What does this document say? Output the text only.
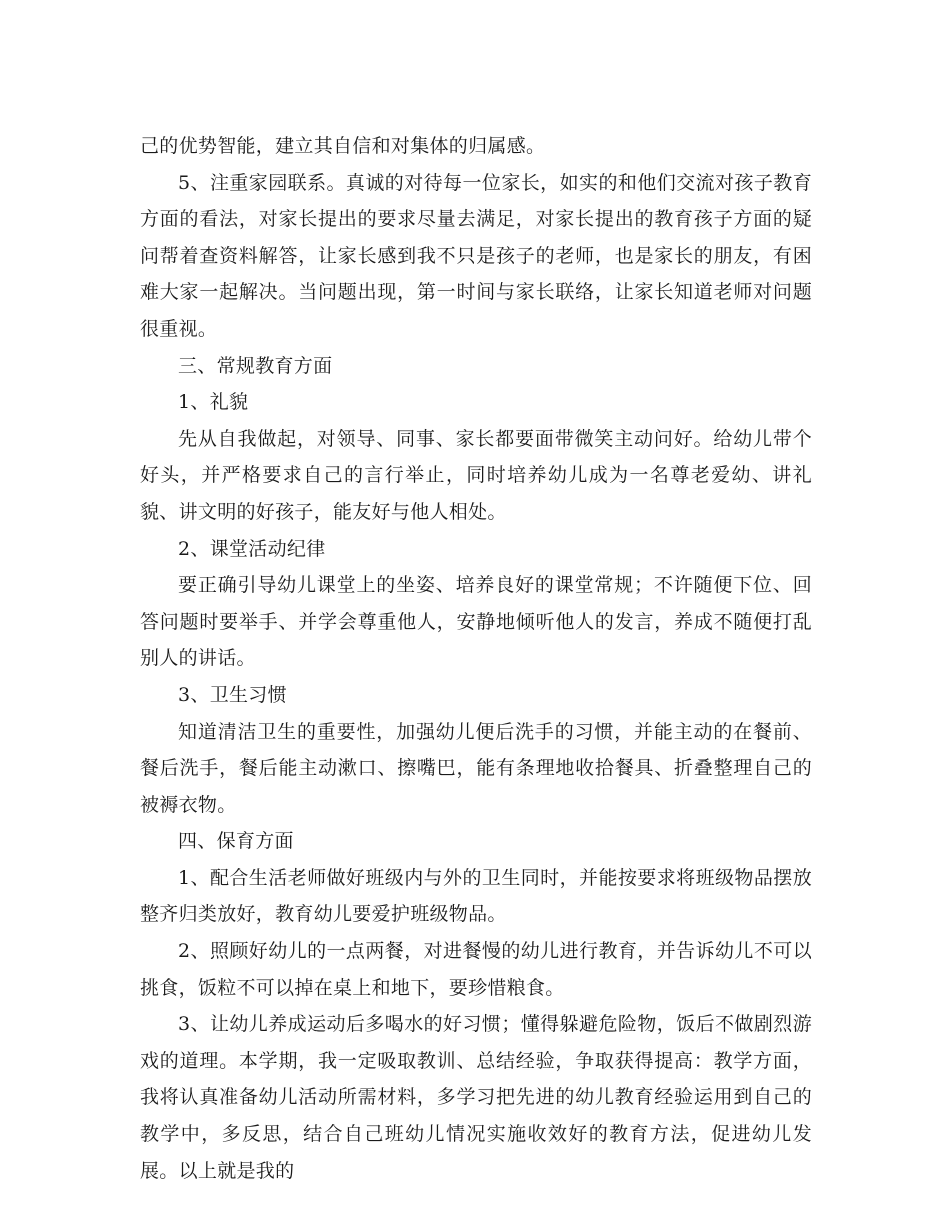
己的优势智能，建立其自信和对集体的归属感。

5、注重家园联系。真诚的对待每一位家长，如实的和他们交流对孩子教育方面的看法，对家长提出的要求尽量去满足，对家长提出的教育孩子方面的疑问帮着查资料解答，让家长感到我不只是孩子的老师，也是家长的朋友，有困难大家一起解决。当问题出现，第一时间与家长联络，让家长知道老师对问题很重视。

三、常规教育方面

1、礼貌

先从自我做起，对领导、同事、家长都要面带微笑主动问好。给幼儿带个好头，并严格要求自己的言行举止，同时培养幼儿成为一名尊老爱幼、讲礼貌、讲文明的好孩子，能友好与他人相处。

2、课堂活动纪律

要正确引导幼儿课堂上的坐姿、培养良好的课堂常规；不许随便下位、回答问题时要举手、并学会尊重他人，安静地倾听他人的发言，养成不随便打乱别人的讲话。

3、卫生习惯

知道清洁卫生的重要性，加强幼儿便后洗手的习惯，并能主动的在餐前、餐后洗手，餐后能主动漱口、擦嘴巴，能有条理地收拾餐具、折叠整理自己的被褥衣物。

四、保育方面

1、配合生活老师做好班级内与外的卫生同时，并能按要求将班级物品摆放整齐归类放好，教育幼儿要爱护班级物品。

2、照顾好幼儿的一点两餐，对进餐慢的幼儿进行教育，并告诉幼儿不可以挑食，饭粒不可以掉在桌上和地下，要珍惜粮食。

3、让幼儿养成运动后多喝水的好习惯；懂得躲避危险物，饭后不做剧烈游戏的道理。本学期，我一定吸取教训、总结经验，争取获得提高：教学方面，我将认真准备幼儿活动所需材料，多学习把先进的幼儿教育经验运用到自己的教学中，多反思，结合自己班幼儿情况实施收效好的教育方法，促进幼儿发展。以上就是我的
